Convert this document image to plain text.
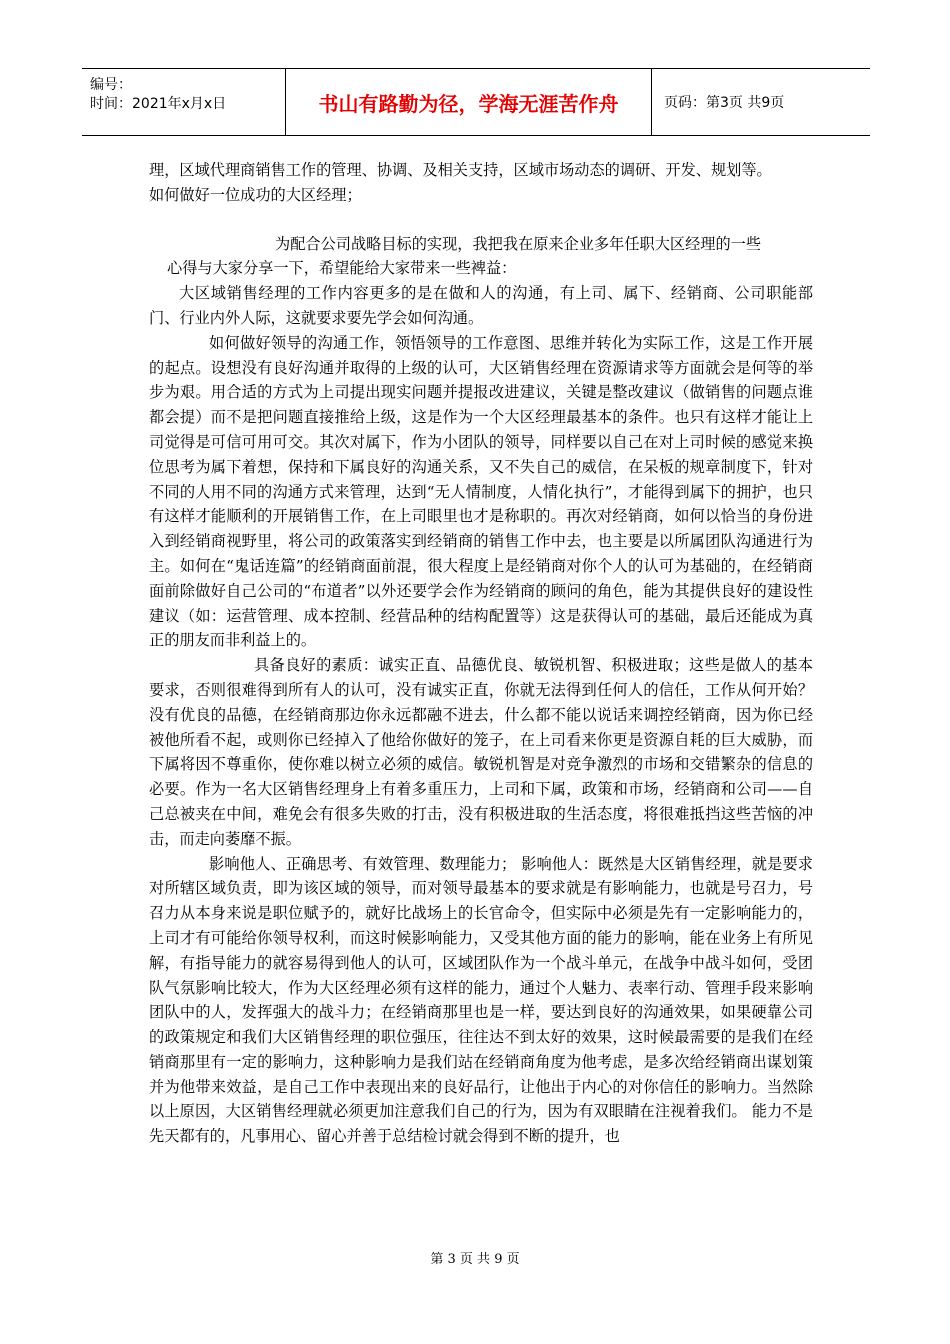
编号：
时间：2021年x月x日	书山有路勤为径，学海无涯苦作舟	页码：第3页 共9页

理，区域代理商销售工作的管理、协调、及相关支持，区域市场动态的调研、开发、规划等。

如何做好一位成功的大区经理；

为配合公司战略目标的实现，我把我在原来企业多年任职大区经理的一些

心得与大家分享一下，希望能给大家带来一些裨益：

大区域销售经理的工作内容更多的是在做和人的沟通，有上司、属下、经销商、公司职能部门、行业内外人际，这就要求要先学会如何沟通。

如何做好领导的沟通工作，领悟领导的工作意图、思维并转化为实际工作，这是工作开展的起点。设想没有良好沟通并取得的上级的认可，大区销售经理在资源请求等方面就会是何等的举步为艰。用合适的方式为上司提出现实问题并提报改进建议，关键是整改建议（做销售的问题点谁都会提）而不是把问题直接推给上级，这是作为一个大区经理最基本的条件。也只有这样才能让上司觉得是可信可用可交。其次对属下，作为小团队的领导，同样要以自己在对上司时候的感觉来换位思考为属下着想，保持和下属良好的沟通关系，又不失自己的威信，在呆板的规章制度下，针对不同的人用不同的沟通方式来管理，达到“无人情制度，人情化执行”，才能得到属下的拥护，也只有这样才能顺利的开展销售工作，在上司眼里也才是称职的。再次对经销商，如何以恰当的身份进入到经销商视野里，将公司的政策落实到经销商的销售工作中去，也主要是以所属团队沟通进行为主。如何在“鬼话连篇”的经销商面前混，很大程度上是经销商对你个人的认可为基础的，在经销商面前除做好自己公司的“布道者”以外还要学会作为经销商的顾问的角色，能为其提供良好的建设性建议（如：运营管理、成本控制、经营品种的结构配置等）这是获得认可的基础，最后还能成为真正的朋友而非利益上的。

具备良好的素质：诚实正直、品德优良、敏锐机智、积极进取；这些是做人的基本要求，否则很难得到所有人的认可，没有诚实正直，你就无法得到任何人的信任，工作从何开始？没有优良的品德，在经销商那边你永远都融不进去，什么都不能以说话来调控经销商，因为你已经被他所看不起，或则你已经掉入了他给你做好的笼子，在上司看来你更是资源自耗的巨大威胁，而下属将因不尊重你，使你难以树立必须的威信。敏锐机智是对竞争激烈的市场和交错繁杂的信息的必要。作为一名大区销售经理身上有着多重压力，上司和下属，政策和市场，经销商和公司——自己总被夹在中间，难免会有很多失败的打击，没有积极进取的生活态度，将很难抵挡这些苦恼的冲击，而走向萎靡不振。

影响他人、正确思考、有效管理、数理能力； 影响他人：既然是大区销售经理，就是要求对所辖区域负责，即为该区域的领导，而对领导最基本的要求就是有影响能力，也就是号召力，号召力从本身来说是职位赋予的，就好比战场上的长官命令，但实际中必须是先有一定影响能力的，上司才有可能给你领导权利，而这时候影响能力，又受其他方面的能力的影响，能在业务上有所见解，有指导能力的就容易得到他人的认可，区域团队作为一个战斗单元，在战争中战斗如何，受团队气氛影响比较大，作为大区经理必须有这样的能力，通过个人魅力、表率行动、管理手段来影响团队中的人，发挥强大的战斗力；在经销商那里也是一样，要达到良好的沟通效果，如果硬靠公司的政策规定和我们大区销售经理的职位强压，往往达不到太好的效果，这时候最需要的是我们在经销商那里有一定的影响力，这种影响力是我们站在经销商角度为他考虑，是多次给经销商出谋划策并为他带来效益，是自己工作中表现出来的良好品行，让他出于内心的对你信任的影响力。当然除以上原因，大区销售经理就必须更加注意我们自己的行为，因为有双眼睛在注视着我们。 能力不是先天都有的，凡事用心、留心并善于总结检讨就会得到不断的提升，也

第 3 页 共 9 页
